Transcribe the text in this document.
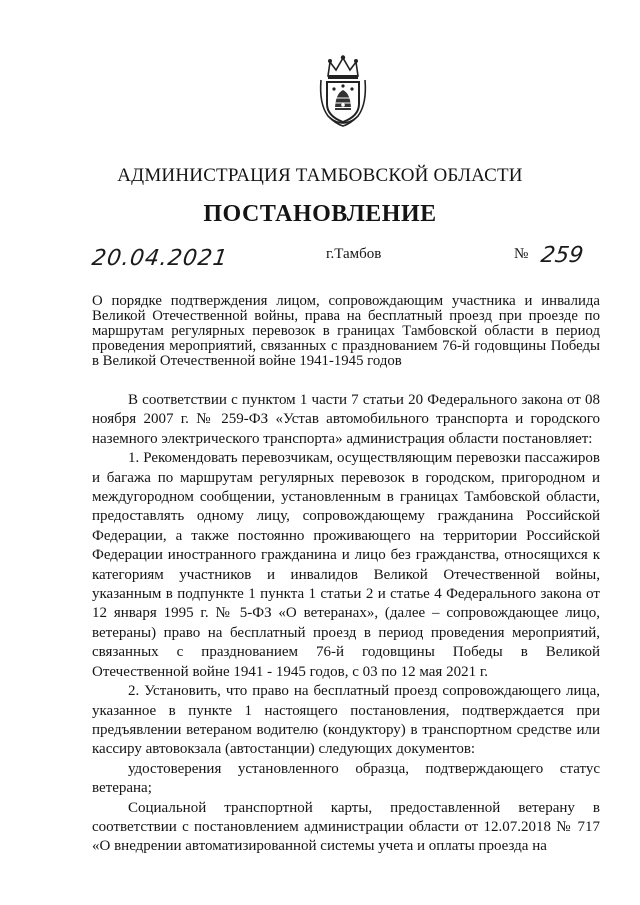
АДМИНИСТРАЦИЯ ТАМБОВСКОЙ ОБЛАСТИ
ПОСТАНОВЛЕНИЕ
20.04.2021	г.Тамбов	№ 259

О порядке подтверждения лицом, сопровождающим участника и инвалида Великой Отечественной войны, права на бесплатный проезд при проезде по маршрутам регулярных перевозок в границах Тамбовской области в период проведения мероприятий, связанных с празднованием 76-й годовщины Победы в Великой Отечественной войне 1941-1945 годов

В соответствии с пунктом 1 части 7 статьи 20 Федерального закона от 08 ноября 2007 г. № 259-ФЗ «Устав автомобильного транспорта и городского наземного электрического транспорта» администрация области постановляет:

1. Рекомендовать перевозчикам, осуществляющим перевозки пассажиров и багажа по маршрутам регулярных перевозок в городском, пригородном и междугородном сообщении, установленным в границах Тамбовской области, предоставлять одному лицу, сопровождающему гражданина Российской Федерации, а также постоянно проживающего на территории Российской Федерации иностранного гражданина и лицо без гражданства, относящихся к категориям участников и инвалидов Великой Отечественной войны, указанным в подпункте 1 пункта 1 статьи 2 и статье 4 Федерального закона от 12 января 1995 г. № 5-ФЗ «О ветеранах», (далее – сопровождающее лицо, ветераны) право на бесплатный проезд в период проведения мероприятий, связанных с празднованием 76-й годовщины Победы в Великой Отечественной войне 1941 - 1945 годов, с 03 по 12 мая 2021 г.

2. Установить, что право на бесплатный проезд сопровождающего лица, указанное в пункте 1 настоящего постановления, подтверждается при предъявлении ветераном водителю (кондуктору) в транспортном средстве или кассиру автовокзала (автостанции) следующих документов:

удостоверения установленного образца, подтверждающего статус ветерана;

Социальной транспортной карты, предоставленной ветерану в соответствии с постановлением администрации области от 12.07.2018 № 717 «О внедрении автоматизированной системы учета и оплаты проезда на
